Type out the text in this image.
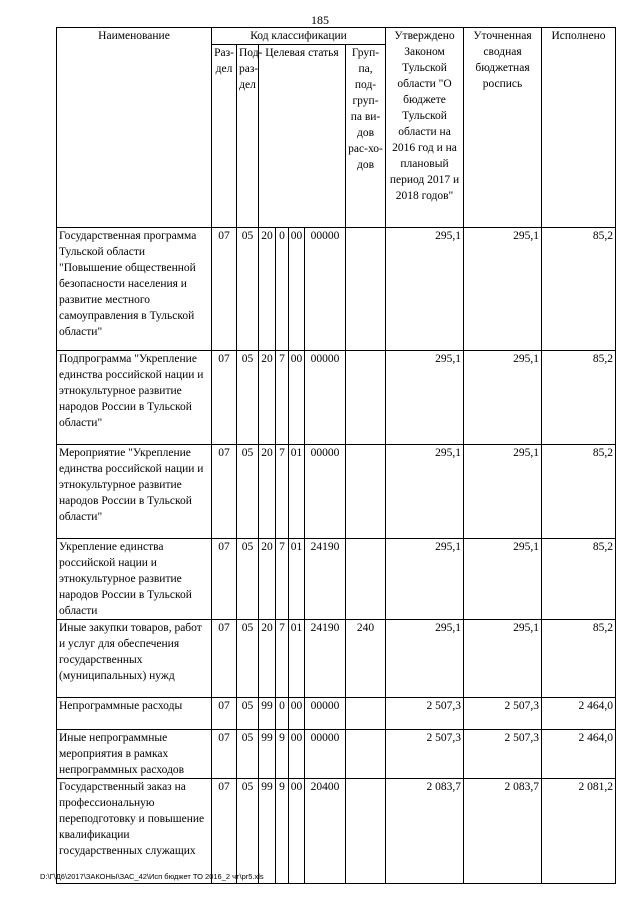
185
Наименование	Код классификации							Утверждено Законом Тульской области "О бюджете Тульской области на 2016 год и на плановый период 2017 и 2018 годов"	Уточненная сводная бюджетная роспись	Исполнено
	Раз-дел	Под-раз-дел	Целевая статья				Груп-па, под-груп-па ви-дов рас-хо-дов			
Государственная программа Тульской области "Повышение общественной безопасности населения и развитие местного самоуправления в Тульской области"	07	05	20	0	00	00000		295,1	295,1	85,2
Подпрограмма "Укрепление единства российской нации и этнокультурное развитие народов России в Тульской области"	07	05	20	7	00	00000		295,1	295,1	85,2
Мероприятие "Укрепление единства российской нации и этнокультурное развитие народов России в Тульской области"	07	05	20	7	01	00000		295,1	295,1	85,2
Укрепление единства российской нации и этнокультурное развитие народов России в Тульской области	07	05	20	7	01	24190		295,1	295,1	85,2
Иные закупки товаров, работ и услуг для обеспечения государственных (муниципальных) нужд	07	05	20	7	01	24190	240	295,1	295,1	85,2
Непрограммные расходы	07	05	99	0	00	00000		2 507,3	2 507,3	2 464,0
Иные непрограммные мероприятия в рамках непрограммных расходов	07	05	99	9	00	00000		2 507,3	2 507,3	2 464,0
Государственный заказ на профессиональную переподготовку и повышение квалификации государственных служащих	07	05	99	9	00	20400		2 083,7	2 083,7	2 081,2
D:\Г\Д6\2017\ЗАКОНЫ\ЗАС_42\Исп бюджет ТО 2016_2 чт\pr5.xls
